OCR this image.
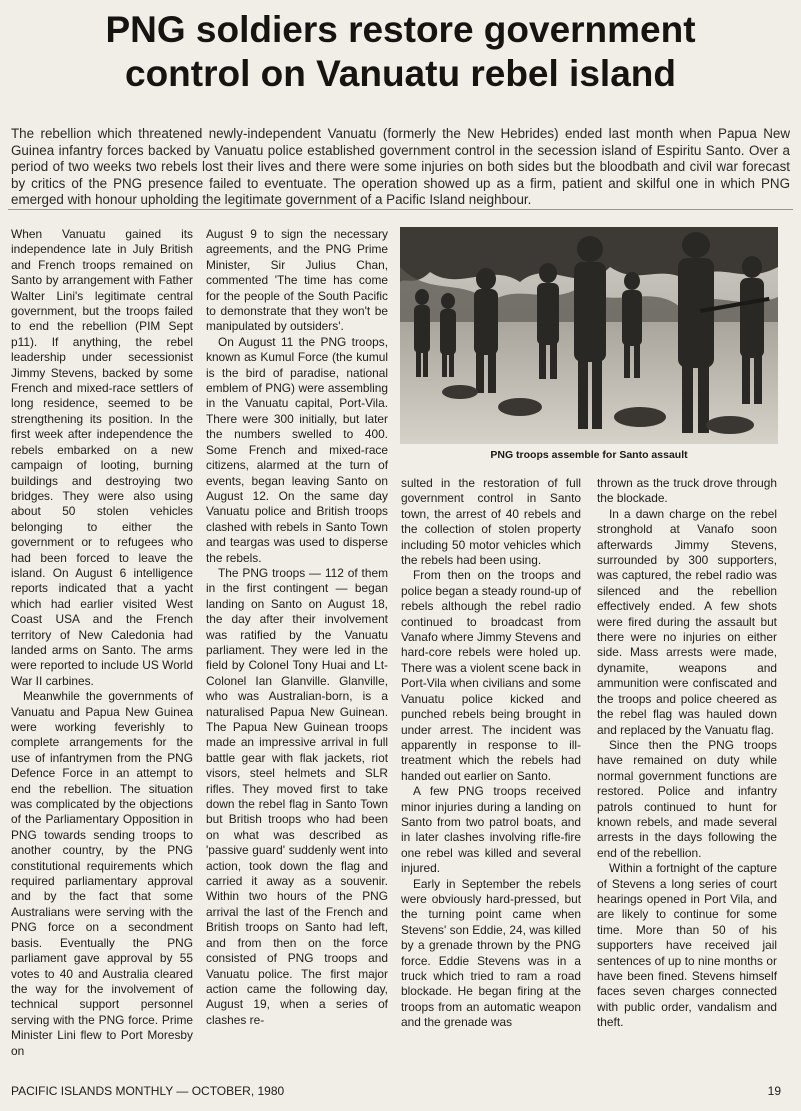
PNG soldiers restore government
control on Vanuatu rebel island
The rebellion which threatened newly-independent Vanuatu (formerly the New Hebrides) ended last month when Papua New Guinea infantry forces backed by Vanuatu police established government control in the secession island of Espiritu Santo. Over a period of two weeks two rebels lost their lives and there were some injuries on both sides but the bloodbath and civil war forecast by critics of the PNG presence failed to eventuate. The operation showed up as a firm, patient and skilful one in which PNG emerged with honour upholding the legitimate government of a Pacific Island neighbour.

When Vanuatu gained its independence late in July British and French troops remained on Santo by arrangement with Father Walter Lini's legitimate central government, but the troops failed to end the rebellion (PIM Sept p11). If anything, the rebel leadership under secessionist Jimmy Stevens, backed by some French and mixed-race settlers of long residence, seemed to be strengthening its position. In the first week after independence the rebels embarked on a new campaign of looting, burning buildings and destroying two bridges. They were also using about 50 stolen vehicles belonging to either the government or to refugees who had been forced to leave the island. On August 6 intelligence reports indicated that a yacht which had earlier visited West Coast USA and the French territory of New Caledonia had landed arms on Santo. The arms were reported to include US World War II carbines.

Meanwhile the governments of Vanuatu and Papua New Guinea were working feverishly to complete arrangements for the use of infantrymen from the PNG Defence Force in an attempt to end the rebellion. The situation was complicated by the objections of the Parliamentary Opposition in PNG towards sending troops to another country, by the PNG constitutional requirements which required parliamentary approval and by the fact that some Australians were serving with the PNG force on a secondment basis. Eventually the PNG parliament gave approval by 55 votes to 40 and Australia cleared the way for the involvement of technical support personnel serving with the PNG force. Prime Minister Lini flew to Port Moresby on

August 9 to sign the necessary agreements, and the PNG Prime Minister, Sir Julius Chan, commented 'The time has come for the people of the South Pacific to demonstrate that they won't be manipulated by outsiders'.

On August 11 the PNG troops, known as Kumul Force (the kumul is the bird of paradise, national emblem of PNG) were assembling in the Vanuatu capital, Port-Vila. There were 300 initially, but later the numbers swelled to 400. Some French and mixed-race citizens, alarmed at the turn of events, began leaving Santo on August 12. On the same day Vanuatu police and British troops clashed with rebels in Santo Town and teargas was used to disperse the rebels.

The PNG troops — 112 of them in the first contingent — began landing on Santo on August 18, the day after their involvement was ratified by the Vanuatu parliament. They were led in the field by Colonel Tony Huai and Lt-Colonel Ian Glanville. Glanville, who was Australian-born, is a naturalised Papua New Guinean. The Papua New Guinean troops made an impressive arrival in full battle gear with flak jackets, riot visors, steel helmets and SLR rifles. They moved first to take down the rebel flag in Santo Town but British troops who had been on what was described as 'passive guard' suddenly went into action, took down the flag and carried it away as a souvenir. Within two hours of the PNG arrival the last of the French and British troops on Santo had left, and from then on the force consisted of PNG troops and Vanuatu police. The first major action came the following day, August 19, when a series of clashes re-

PNG troops assemble for Santo assault

sulted in the restoration of full government control in Santo town, the arrest of 40 rebels and the collection of stolen property including 50 motor vehicles which the rebels had been using.

From then on the troops and police began a steady round-up of rebels although the rebel radio continued to broadcast from Vanafo where Jimmy Stevens and hard-core rebels were holed up. There was a violent scene back in Port-Vila when civilians and some Vanuatu police kicked and punched rebels being brought in under arrest. The incident was apparently in response to ill-treatment which the rebels had handed out earlier on Santo.

A few PNG troops received minor injuries during a landing on Santo from two patrol boats, and in later clashes involving rifle-fire one rebel was killed and several injured.

Early in September the rebels were obviously hard-pressed, but the turning point came when Stevens' son Eddie, 24, was killed by a grenade thrown by the PNG force. Eddie Stevens was in a truck which tried to ram a road blockade. He began firing at the troops from an automatic weapon and the grenade was

thrown as the truck drove through the blockade.

In a dawn charge on the rebel stronghold at Vanafo soon afterwards Jimmy Stevens, surrounded by 300 supporters, was captured, the rebel radio was silenced and the rebellion effectively ended. A few shots were fired during the assault but there were no injuries on either side. Mass arrests were made, dynamite, weapons and ammunition were confiscated and the troops and police cheered as the rebel flag was hauled down and replaced by the Vanuatu flag.

Since then the PNG troops have remained on duty while normal government functions are restored. Police and infantry patrols continued to hunt for known rebels, and made several arrests in the days following the end of the rebellion.

Within a fortnight of the capture of Stevens a long series of court hearings opened in Port Vila, and are likely to continue for some time. More than 50 of his supporters have received jail sentences of up to nine months or have been fined. Stevens himself faces seven charges connected with public order, vandalism and theft.

PACIFIC ISLANDS MONTHLY — OCTOBER, 1980	19
